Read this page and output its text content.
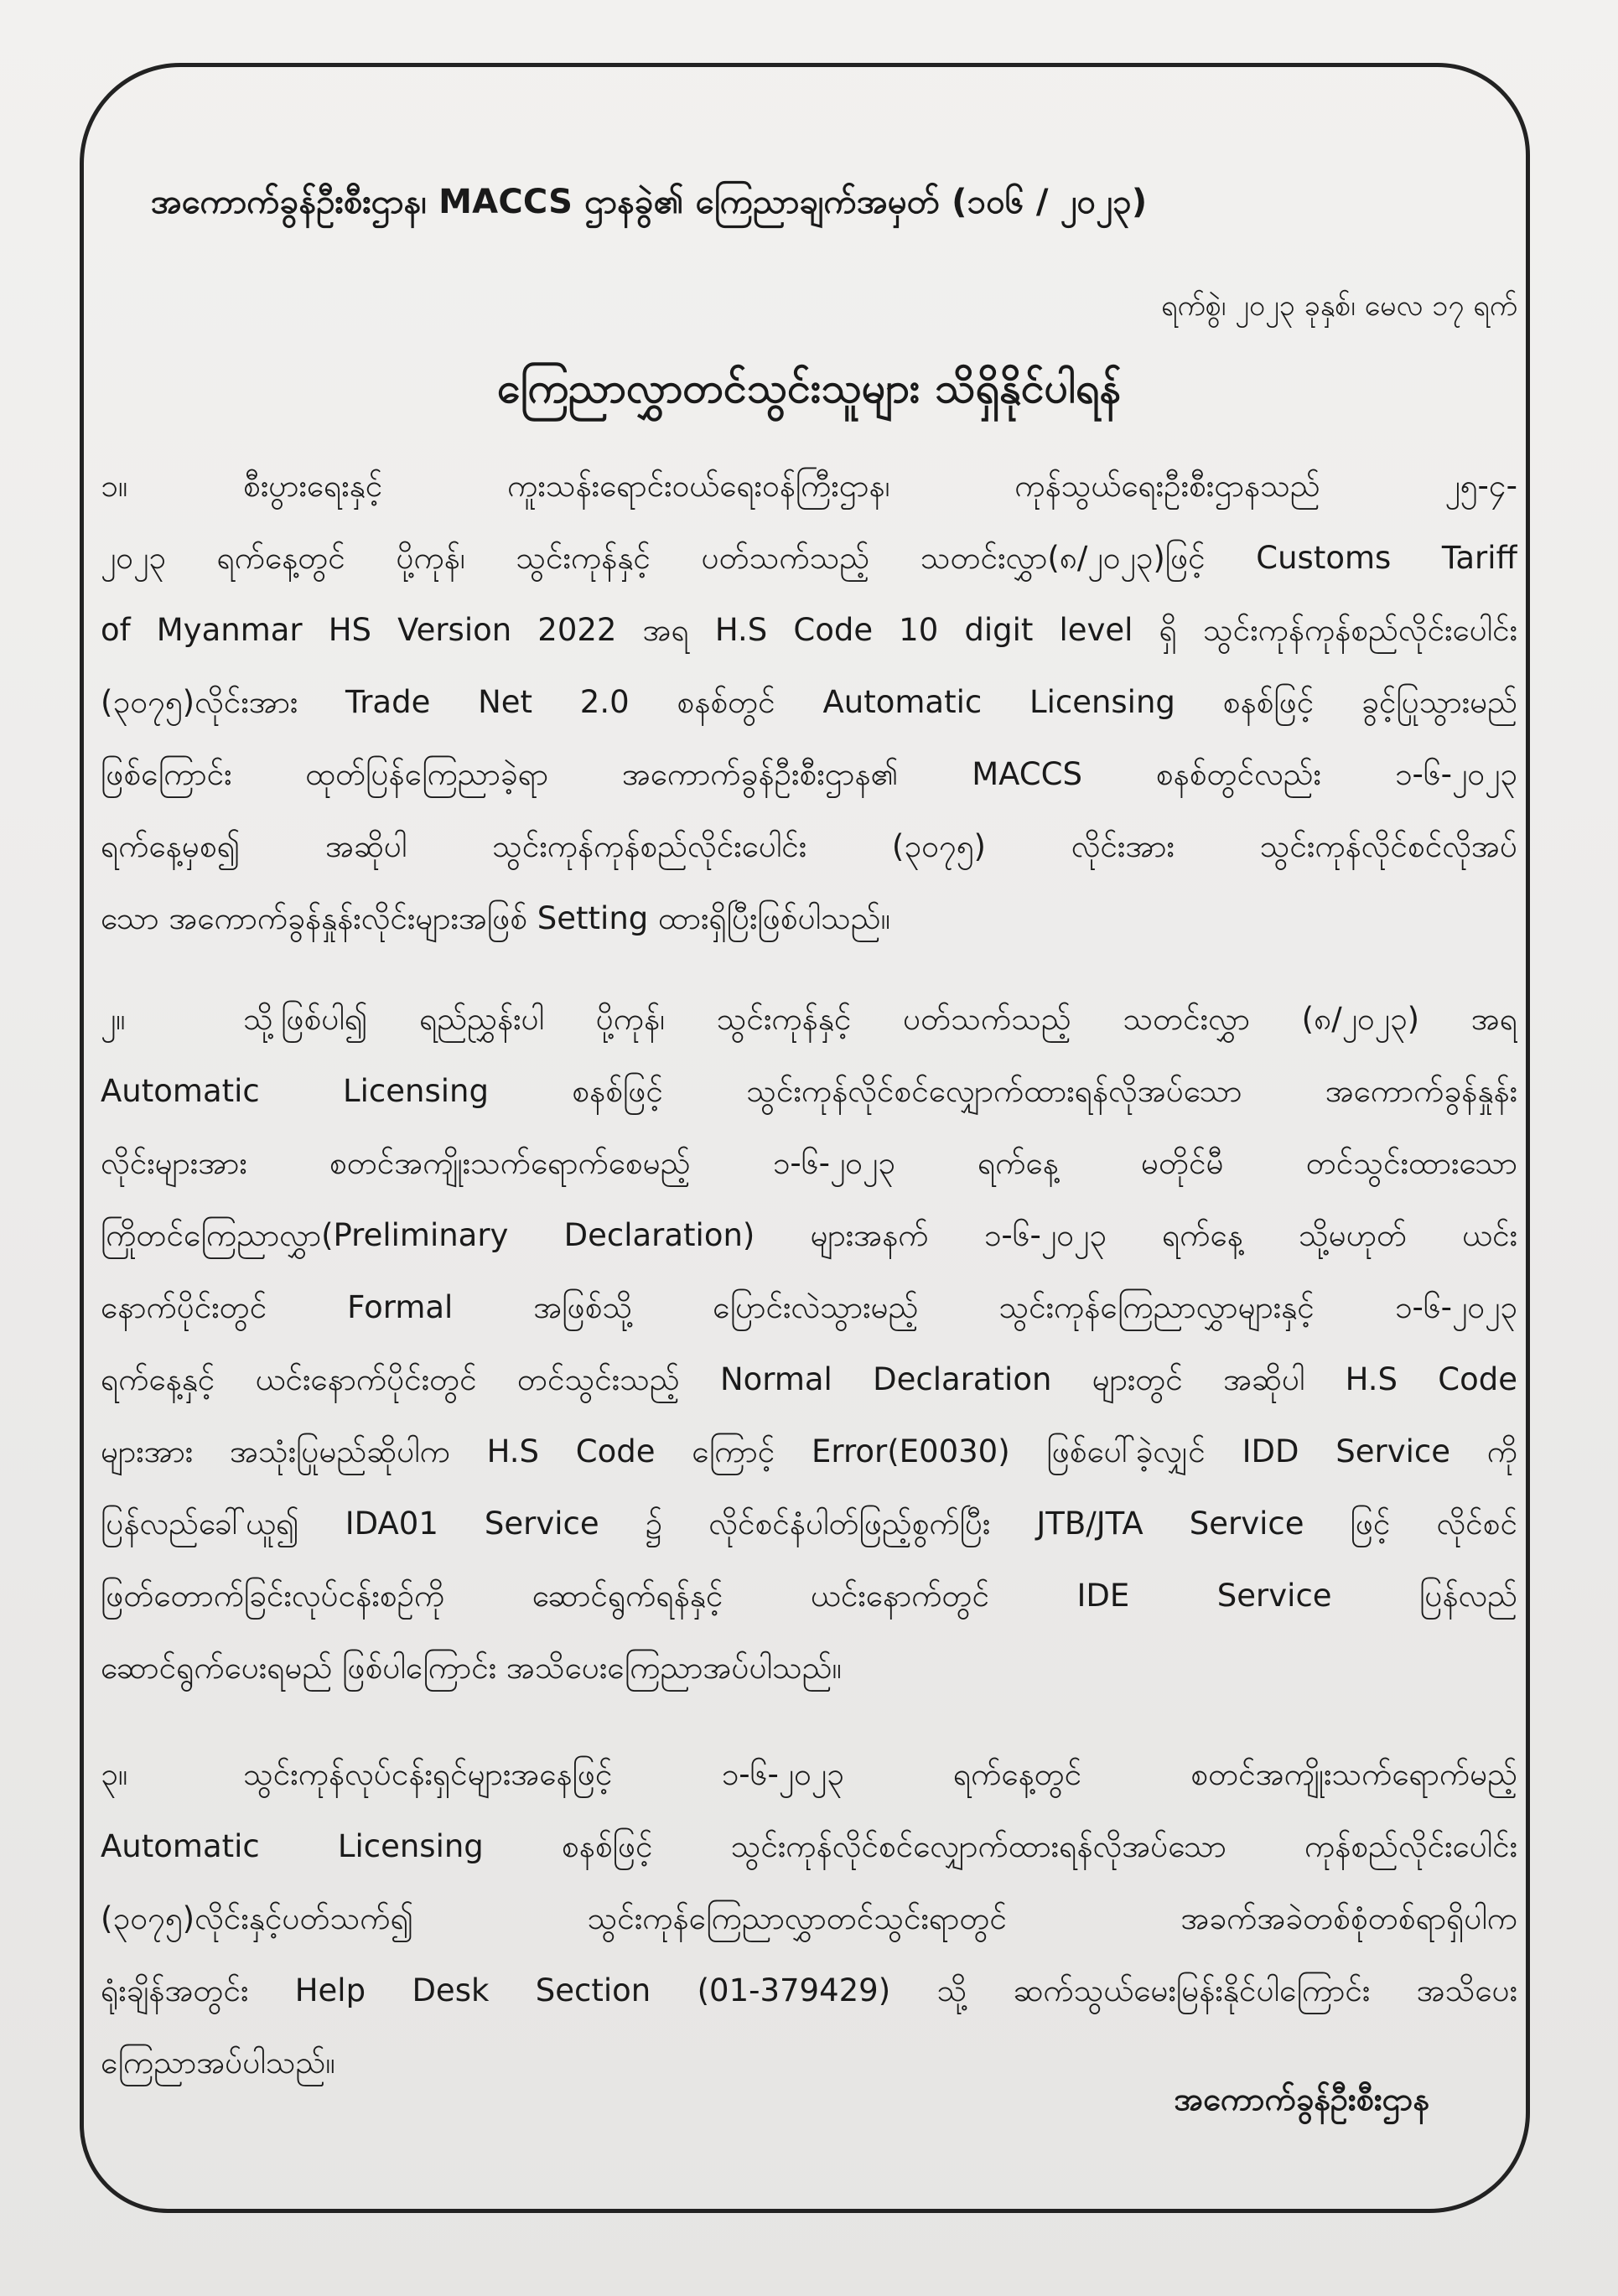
အကောက်ခွန်ဦးစီးဌာန၊ MACCS ဌာနခွဲ၏ ကြေညာချက်အမှတ် (၁၀၆ / ၂၀၂၃)
ရက်စွဲ၊ ၂၀၂၃ ခုနှစ်၊ မေလ ၁၇ ရက်
ကြေညာလွှာတင်သွင်းသူများ သိရှိနိုင်ပါရန်
၁။	စီးပွားရေးနှင့် ကူးသန်းရောင်းဝယ်ရေးဝန်ကြီးဌာန၊ ကုန်သွယ်ရေးဦးစီးဌာနသည် ၂၅-၄-
၂၀၂၃ ရက်နေ့တွင် ပို့ကုန်၊ သွင်းကုန်နှင့် ပတ်သက်သည့် သတင်းလွှာ(၈/၂၀၂၃)ဖြင့် Customs Tariff
of Myanmar HS Version 2022 အရ H.S Code 10 digit level ရှိ သွင်းကုန်ကုန်စည်လိုင်းပေါင်း
(၃၀၇၅)လိုင်းအား Trade Net 2.0 စနစ်တွင် Automatic Licensing စနစ်ဖြင့် ခွင့်ပြုသွားမည်
ဖြစ်ကြောင်း ထုတ်ပြန်ကြေညာခဲ့ရာ အကောက်ခွန်ဦးစီးဌာန၏ MACCS စနစ်တွင်လည်း ၁-၆-၂၀၂၃
ရက်နေ့မှစ၍ အဆိုပါ သွင်းကုန်ကုန်စည်လိုင်းပေါင်း (၃၀၇၅) လိုင်းအား သွင်းကုန်လိုင်စင်လိုအပ်
သော အကောက်ခွန်နှုန်းလိုင်းများအဖြစ် Setting ထားရှိပြီးဖြစ်ပါသည်။
၂။	သို့ဖြစ်ပါ၍ ရည်ညွှန်းပါ ပို့ကုန်၊ သွင်းကုန်နှင့် ပတ်သက်သည့် သတင်းလွှာ (၈/၂၀၂၃) အရ
Automatic Licensing စနစ်ဖြင့် သွင်းကုန်လိုင်စင်လျှောက်ထားရန်လိုအပ်သော အကောက်ခွန်နှုန်း
လိုင်းများအား စတင်အကျိုးသက်ရောက်စေမည့် ၁-၆-၂၀၂၃ ရက်နေ့ မတိုင်မီ တင်သွင်းထားသော
ကြိုတင်ကြေညာလွှာ(Preliminary Declaration) များအနက် ၁-၆-၂၀၂၃ ရက်နေ့ သို့မဟုတ် ယင်း
နောက်ပိုင်းတွင် Formal အဖြစ်သို့ ပြောင်းလဲသွားမည့် သွင်းကုန်ကြေညာလွှာများနှင့် ၁-၆-၂၀၂၃
ရက်နေ့နှင့် ယင်းနောက်ပိုင်းတွင် တင်သွင်းသည့် Normal Declaration များတွင် အဆိုပါ H.S Code
များအား အသုံးပြုမည်ဆိုပါက H.S Code ကြောင့် Error(E0030) ဖြစ်ပေါ်ခဲ့လျှင် IDD Service ကို
ပြန်လည်ခေါ်ယူ၍ IDA01 Service ၌ လိုင်စင်နံပါတ်ဖြည့်စွက်ပြီး JTB/JTA Service ဖြင့် လိုင်စင်
ဖြတ်တောက်ခြင်းလုပ်ငန်းစဉ်ကို ဆောင်ရွက်ရန်နှင့် ယင်းနောက်တွင် IDE Service ပြန်လည်
ဆောင်ရွက်ပေးရမည် ဖြစ်ပါကြောင်း အသိပေးကြေညာအပ်ပါသည်။
၃။	သွင်းကုန်လုပ်ငန်းရှင်များအနေဖြင့် ၁-၆-၂၀၂၃ ရက်နေ့တွင် စတင်အကျိုးသက်ရောက်မည့်
Automatic Licensing စနစ်ဖြင့် သွင်းကုန်လိုင်စင်လျှောက်ထားရန်လိုအပ်သော ကုန်စည်လိုင်းပေါင်း
(၃၀၇၅)လိုင်းနှင့်ပတ်သက်၍ သွင်းကုန်ကြေညာလွှာတင်သွင်းရာတွင် အခက်အခဲတစ်စုံတစ်ရာရှိပါက
ရုံးချိန်အတွင်း Help Desk Section (01-379429) သို့ ဆက်သွယ်မေးမြန်းနိုင်ပါကြောင်း အသိပေး
ကြေညာအပ်ပါသည်။
အကောက်ခွန်ဦးစီးဌာန
